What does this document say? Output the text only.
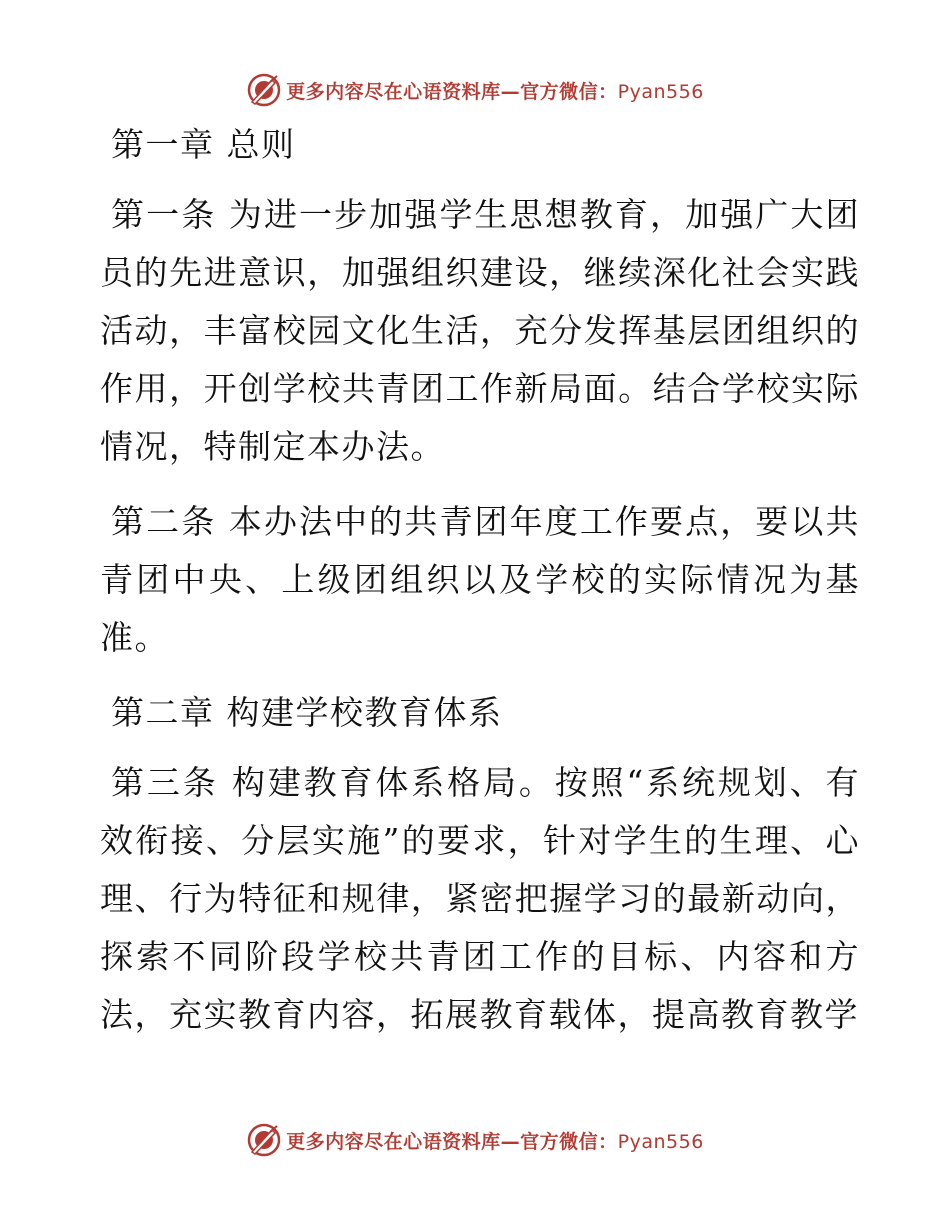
更多内容尽在心语资料库—官方微信：Pyan556

第一章 总则

第一条 为进一步加强学生思想教育，加强广大团员的先进意识，加强组织建设，继续深化社会实践活动，丰富校园文化生活，充分发挥基层团组织的作用，开创学校共青团工作新局面。结合学校实际情况，特制定本办法。

第二条 本办法中的共青团年度工作要点，要以共青团中央、上级团组织以及学校的实际情况为基准。

第二章 构建学校教育体系

第三条 构建教育体系格局。按照“系统规划、有效衔接、分层实施”的要求，针对学生的生理、心理、行为特征和规律，紧密把握学习的最新动向，探索不同阶段学校共青团工作的目标、内容和方法，充实教育内容，拓展教育载体，提高教育教学

更多内容尽在心语资料库—官方微信：Pyan556
